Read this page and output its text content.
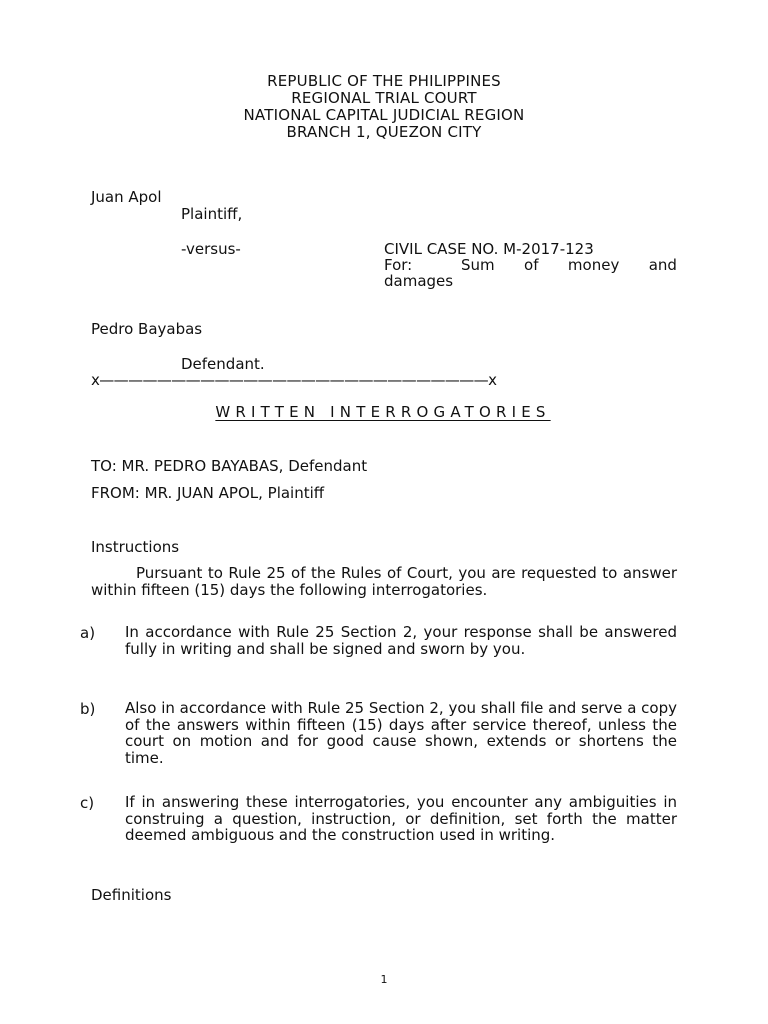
REPUBLIC OF THE PHILIPPINES
REGIONAL TRIAL COURT
NATIONAL CAPITAL JUDICIAL REGION
BRANCH 1, QUEZON CITY
Juan Apol
Plaintiff,
-versus-	CIVIL CASE NO. M-2017-123
For:	Sum of money and
damages
Pedro Bayabas
Defendant.
x———————————————————————————x
WRITTEN INTERROGATORIES
TO: MR. PEDRO BAYABAS, Defendant
FROM: MR. JUAN APOL, Plaintiff
Instructions
Pursuant to Rule 25 of the Rules of Court, you are requested to answer within fifteen (15) days the following interrogatories.
a) In accordance with Rule 25 Section 2, your response shall be answered fully in writing and shall be signed and sworn by you.
b) Also in accordance with Rule 25 Section 2, you shall file and serve a copy of the answers within fifteen (15) days after service thereof, unless the court on motion and for good cause shown, extends or shortens the time.
c) If in answering these interrogatories, you encounter any ambiguities in construing a question, instruction, or definition, set forth the matter deemed ambiguous and the construction used in writing.
Definitions
1
